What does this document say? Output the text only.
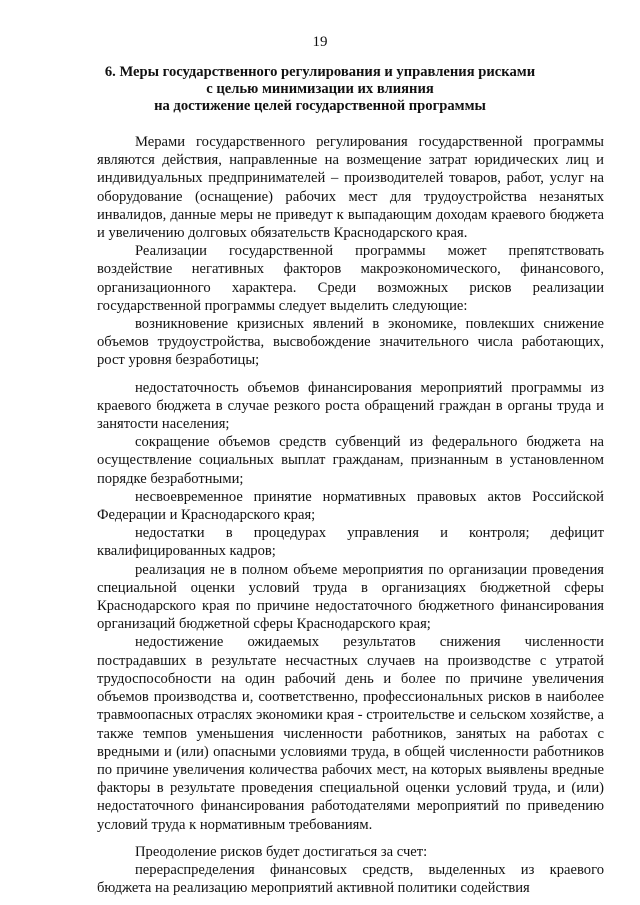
19
6. Меры государственного регулирования и управления рисками
с целью минимизации их влияния
на достижение целей государственной программы

Мерами государственного регулирования государственной программы являются действия, направленные на возмещение затрат юридических лиц и индивидуальных предпринимателей – производителей товаров, работ, услуг на оборудование (оснащение) рабочих мест для трудоустройства незанятых инвалидов, данные меры не приведут к выпадающим доходам краевого бюджета и увеличению долговых обязательств Краснодарского края.

Реализации государственной программы может препятствовать воздействие негативных факторов макроэкономического, финансового, организационного характера. Среди возможных рисков реализации государственной программы следует выделить следующие:

возникновение кризисных явлений в экономике, повлекших снижение объемов трудоустройства, высвобождение значительного числа работающих, рост уровня безработицы;

недостаточность объемов финансирования мероприятий программы из краевого бюджета в случае резкого роста обращений граждан в органы труда и занятости населения;

сокращение объемов средств субвенций из федерального бюджета на осуществление социальных выплат гражданам, признанным в установленном порядке безработными;

несвоевременное принятие нормативных правовых актов Российской Федерации и Краснодарского края;

недостатки в процедурах управления и контроля; дефицит квалифицированных кадров;

реализация не в полном объеме мероприятия по организации проведения специальной оценки условий труда в организациях бюджетной сферы Краснодарского края по причине недостаточного бюджетного финансирования организаций бюджетной сферы Краснодарского края;

недостижение ожидаемых результатов снижения численности пострадавших в результате несчастных случаев на производстве с утратой трудоспособности на один рабочий день и более по причине увеличения объемов производства и, соответственно, профессиональных рисков в наиболее травмоопасных отраслях экономики края - строительстве и сельском хозяйстве, а также темпов уменьшения численности работников, занятых на работах с вредными и (или) опасными условиями труда, в общей численности работников по причине увеличения количества рабочих мест, на которых выявлены вредные факторы в результате проведения специальной оценки условий труда, и (или) недостаточного финансирования работодателями мероприятий по приведению условий труда к нормативным требованиям.

Преодоление рисков будет достигаться за счет:

перераспределения финансовых средств, выделенных из краевого бюджета на реализацию мероприятий активной политики содействия
